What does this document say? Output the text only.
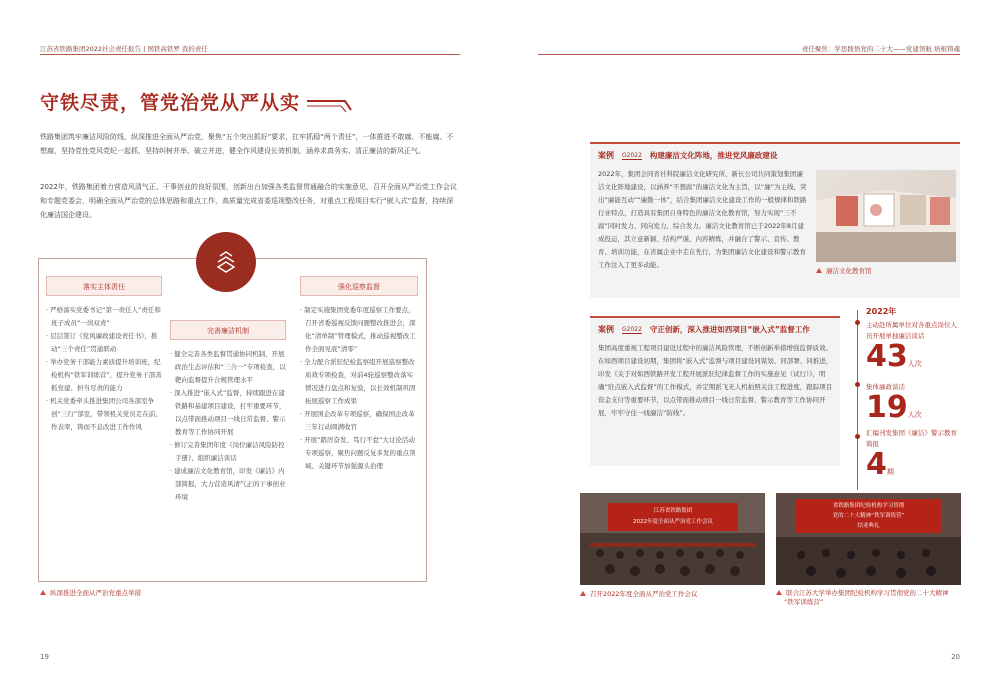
江苏省铁路集团2022社会责任报告 | 国铁高铁罗 我的责任	责任聚焦：学思践悟党的二十大——党建领航 培根铸魂
守铁尽责，管党治党从严从实
铁路集团筑牢廉洁风险防线，纵深推进全面从严治党，聚焦“五个突出抓好”要求，扛牢抓稳“两个责任”，一体推进不敢腐、不能腐、不想腐，坚持党性党风党纪一起抓，坚持纠树并举、破立并进，健全作风建设长效机制，涵养求真务实、清正廉洁的新风正气。
2022年，铁路集团着力营造风清气正、干事创业的良好氛围，创新出台加强各类监督贯通融合的实施意见，召开全面从严治党工作会议和专题党委会，明确全面从严治党的总体思路和重点工作，高质量完成省委巡视整改任务，对重点工程项目实行“嵌入式”监督，持续深化廉洁国企建设。
落实主体责任

· 严格落实党委书记“第一责任人”责任和班子成员“一岗双责”

· 层层签订《党风廉政建设责任书》，推动“三个责任”贯通联动

· 举办党务干部能力素质提升培训班，纪检机构“铁军训练营”，提升党务干部善抓党建、担当尽责的能力

· 机关党委牵头推进集团公司各部室争创“三行”部室，带领机关党员走在前、作表率，铸而不息改进工作作风

完善廉洁机制

· 健全完善各类监督贯通协同机制，开展政治生态评估和“三合一”专项检查，以靶向监督提升合规管理水平

· 深入推进“嵌入式”监督，持续跟进在建铁路和基建项目建设，打牢重要环节，以点带面推动项目一线日常监督、警示教育等工作协同开展

· 修订完善集团年度《岗位廉洁风险防控手册》，组织廉洁谈话

· 建成廉洁文化教育馆，印发《廉洁》内部简报，大力营造风清气正的干事创业环境

强化巡察监督

· 制定实施集团党委年度巡察工作要点，召开省委巡视反馈问题整改推进会，深化“清单制”管理模式，推动巡视整改工作全面见底“清零”

· 全力配合派驻纪检监察组开展巡察整改质效专项检查，对前4轮巡察整改落实情况进行盘点和复验，以长效机制巩固拓展巡察工作成果

· 开展国企改革专项巡察，确保国企改革三年行动圆满收官

· 开展“踏厉奋发、笃行不怠”大讨论活动专项巡察，聚焦问题反复多发的重点领域、关键环节加强源头治理

纵深推进全面从严治党重点举措
案例 G2022 构建廉洁文化阵地，推进党风廉政建设
2022年，集团会同省社科院廉洁文化研究所、新长公司共同策划集团廉洁文化阵地建设，以涵养“不想腐”的廉洁文化为主旨，以“廉”为主线，突出“廉能互动”“廉勤一体”，结合集团廉洁文化建设工作的一般规律和铁路行业特点，打造具有集团自身特色的廉洁文化教育馆，努力实现“三不腐”同时发力、同向发力、综合发力。廉洁文化教育馆已于2022年8月建成投运，其立意新颖、结构严谨、内容精炼，并融合了警示、宣传、教育、培训功能，在省属企业中走在先行，为集团廉洁文化建设和警示教育工作注入了更多动能。
廉洁文化教育馆
案例 G2022 守正创新，深入推进如西项目“嵌入式”监督工作
集团高度重视工程项目建设过程中的廉洁风险管理，不断创新举措增强监督质效。在如西项目建设初期，集团将“嵌入式”监督与项目建设同谋划、同部署、同推进，印发《关于对如西铁路开发工程开展派驻纪律监督工作的实施意见（试行）》，明确“驻点嵌入式监督”的工作模式，并定期派飞无人机拍照关注工程进度，跟踪项目资金支付等重要环节，以点带面推动项目一线日常监督、警示教育等工作协同开展，牢牢守住一线廉洁“防线”。
2022年
主动赴所属单位对各重点岗位人员开展单独廉洁谈话
43人次
集体廉政谈话
19人次
汇编刊发集团《廉洁》警示教育简报
4期
江苏省铁路集团
2022年度全面从严治党工作会议
省铁路集团纪检机构学习贯彻
党的二十大精神“铁军训练营”
结业典礼
召开2022年度全面从严治党工作会议	联合江苏大学举办集团纪检机构学习贯彻党的二十大精神
“铁军训练营”
19	20
